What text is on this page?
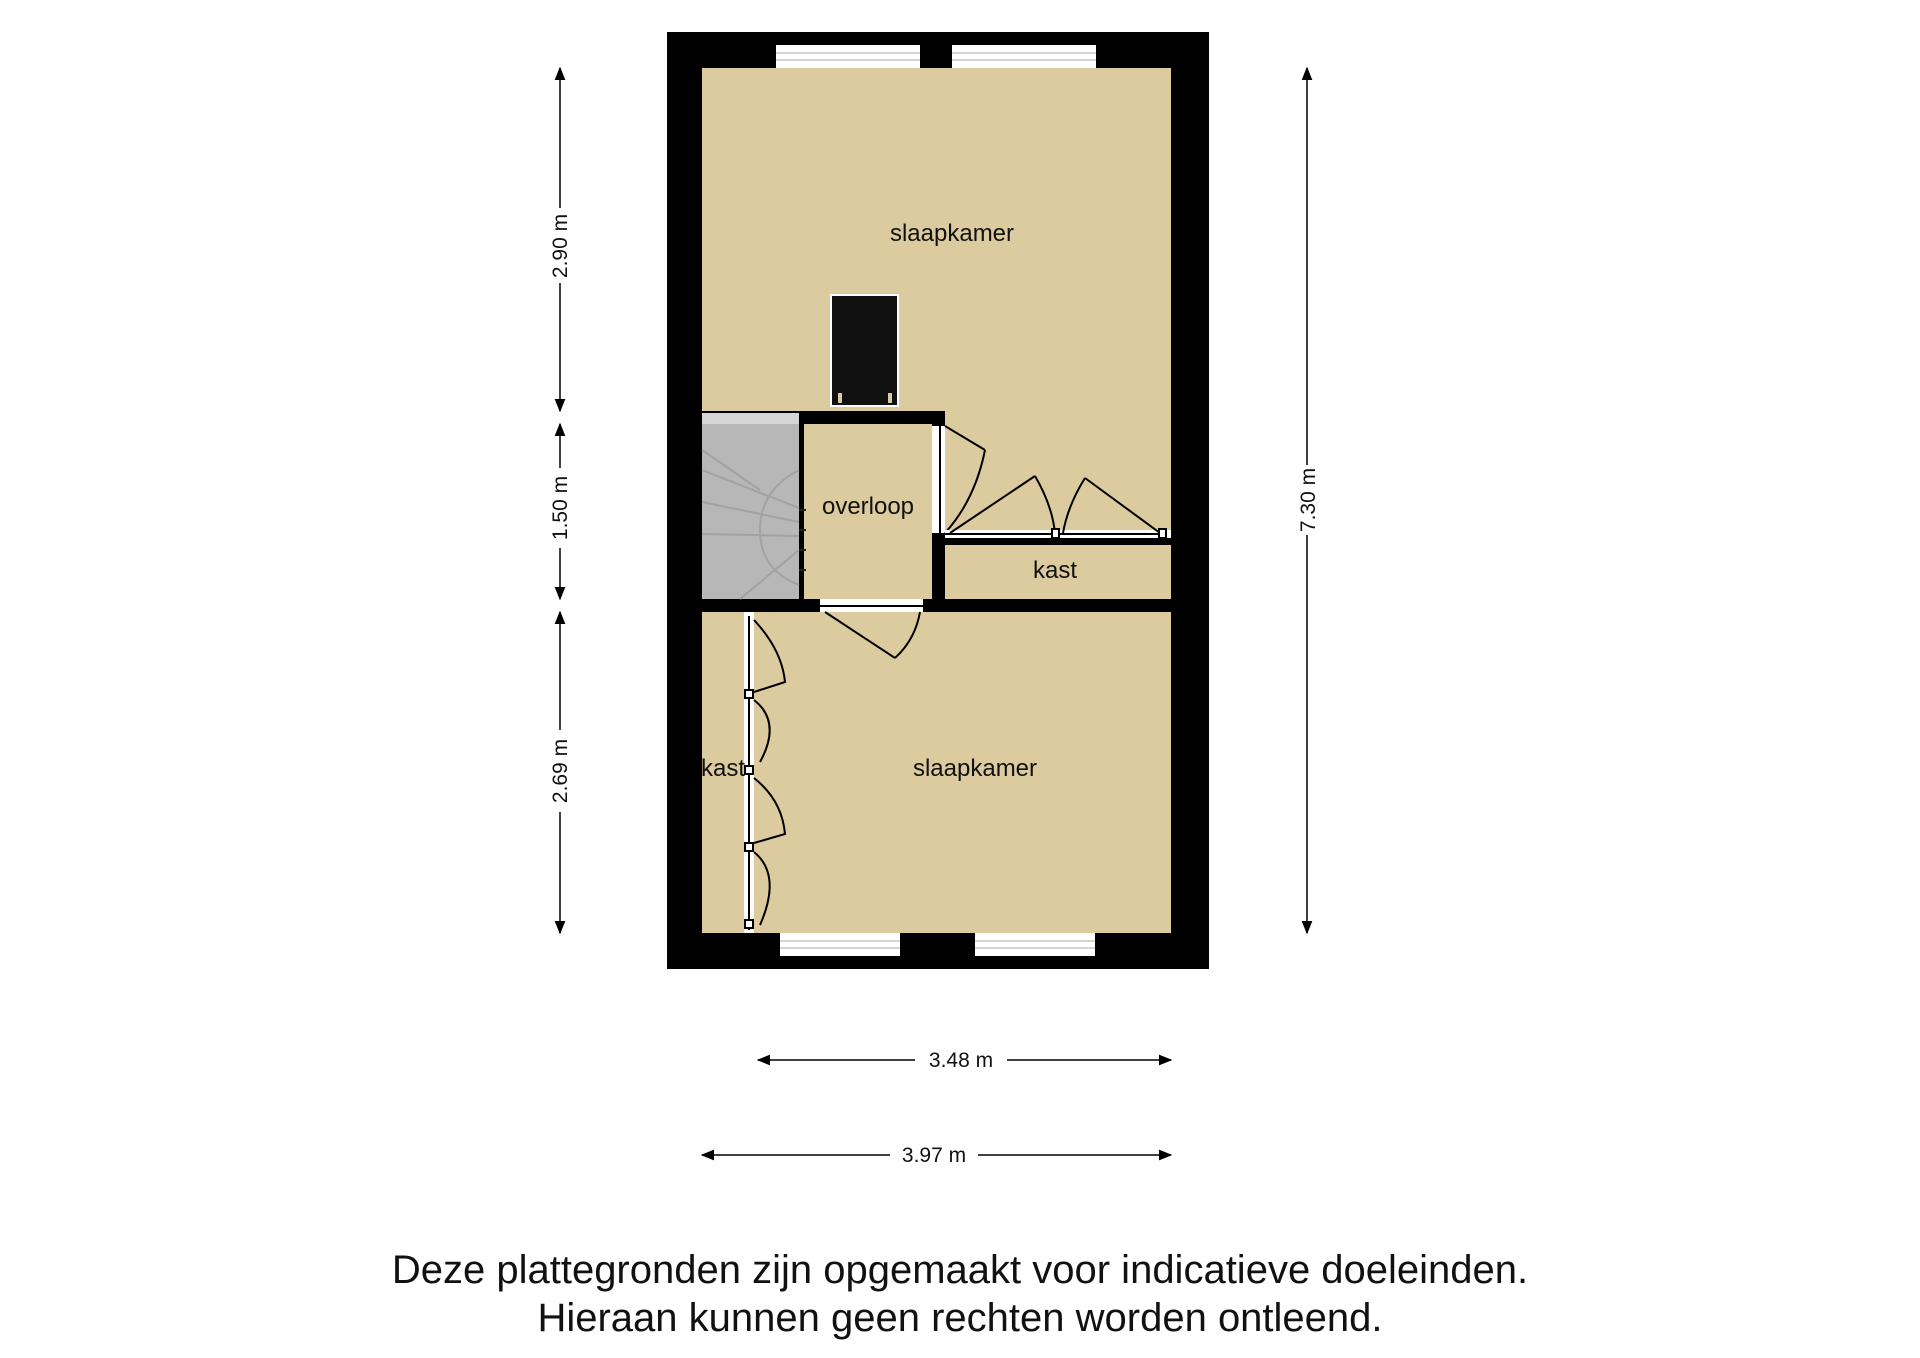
slaapkamer
overloop
kast
kast	slaapkamer
2.90 m
1.50 m
2.69 m
7.30 m
3.48 m
3.97 m
Deze plattegronden zijn opgemaakt voor indicatieve doeleinden.
Hieraan kunnen geen rechten worden ontleend.
